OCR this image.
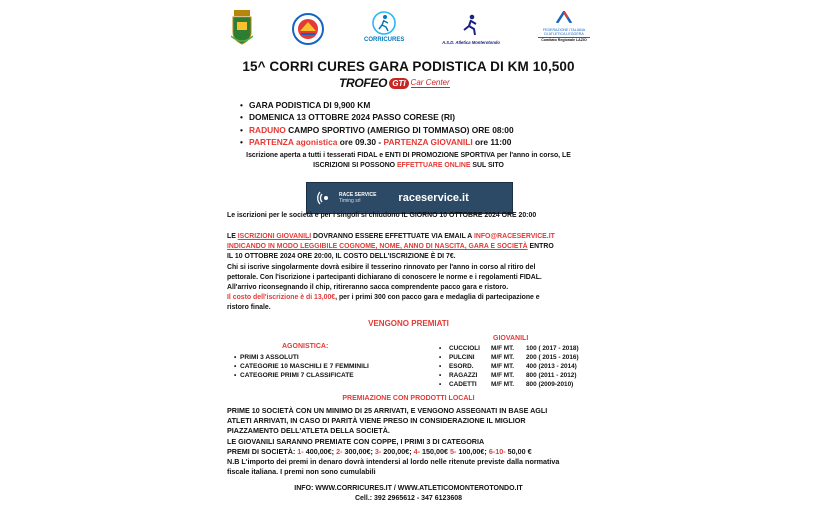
CORRICURES	A.S.D. Atletica Monterotondo
FEDERAZIONE ITALIANA
DI ATLETICA LEGGERA
Comitato Regionale LAZIO
15^ CORRI CURES GARA PODISTICA DI KM 10,500
TROFEO GTI Car Center
• GARA PODISTICA DI 9,900 KM
• DOMENICA 13 OTTOBRE 2024 PASSO CORESE (RI)
• RADUNO CAMPO SPORTIVO (AMERIGO DI TOMMASO) ORE 08:00
• PARTENZA agonistica ore 09.30 - PARTENZA GIOVANILI ore 11:00
Iscrizione aperta a tutti i tesserati FIDAL e ENTI DI PROMOZIONE SPORTIVA per l'anno in corso, LE
ISCRIZIONI SI POSSONO EFFETTUARE ONLINE SUL SITO
RACE SERVICE
Timing srl	raceservice.it
Le iscrizioni per le società e per i singoli si chiudono IL GIORNO 10 OTTOBRE 2024 ORE 20:00
LE ISCRIZIONI GIOVANILI DOVRANNO ESSERE EFFETTUATE VIA EMAIL A INFO@RACESERVICE.IT
INDICANDO IN MODO LEGGIBILE COGNOME, NOME, ANNO DI NASCITA, GARA E SOCIETÀ ENTRO
IL 10 OTTOBRE 2024 ORE 20:00, IL COSTO DELL'ISCRIZIONE È DI 7€.
Chi si iscrive singolarmente dovrà esibire il tesserino rinnovato per l'anno in corso al ritiro del
pettorale. Con l'iscrizione i partecipanti dichiarano di conoscere le norme e i regolamenti FIDAL.
All'arrivo riconsegnando il chip, ritireranno sacca comprendente pacco gara e ristoro.
Il costo dell'iscrizione è di 13,00€, per i primi 300 con pacco gara e medaglia di partecipazione e
ristoro finale.
VENGONO PREMIATI
AGONISTICA:
•  PRIMI 3 ASSOLUTI
•  CATEGORIE 10 MASCHILI E 7 FEMMINILI
•  CATEGORIE PRIMI 7 CLASSIFICATE
GIOVANILI
•	CUCCIOLI	M/F MT.	100 ( 2017 - 2018)
•	PULCINI	M/F MT.	200 ( 2015 - 2016)
•	ESORD.	M/F MT.	400 (2013 - 2014)
•	RAGAZZI	M/F MT.	800 (2011 - 2012)
•	CADETTI	M/F MT.	800 (2009-2010)
PREMIAZIONE CON PRODOTTI LOCALI
PRIME 10 SOCIETÀ CON UN MINIMO DI 25 ARRIVATI, E VENGONO ASSEGNATI IN BASE AGLI
ATLETI ARRIVATI, IN CASO DI PARITÀ VIENE PRESO IN CONSIDERAZIONE IL MIGLIOR
PIAZZAMENTO DELL'ATLETA DELLA SOCIETÀ.
LE GIOVANILI SARANNO PREMIATE CON COPPE, I PRIMI 3 DI CATEGORIA
PREMI DI SOCIETÀ: 1- 400,00€; 2- 300,00€; 3- 200,00€; 4- 150,00€ 5- 100,00€; 6-10- 50,00 €
N.B L'importo dei premi in denaro dovrà intendersi al lordo nelle ritenute previste dalla normativa
fiscale italiana. I premi non sono cumulabili
INFO: WWW.CORRICURES.IT / WWW.ATLETICOMONTEROTONDO.IT
Cell.: 392 2965612 - 347 6123608
